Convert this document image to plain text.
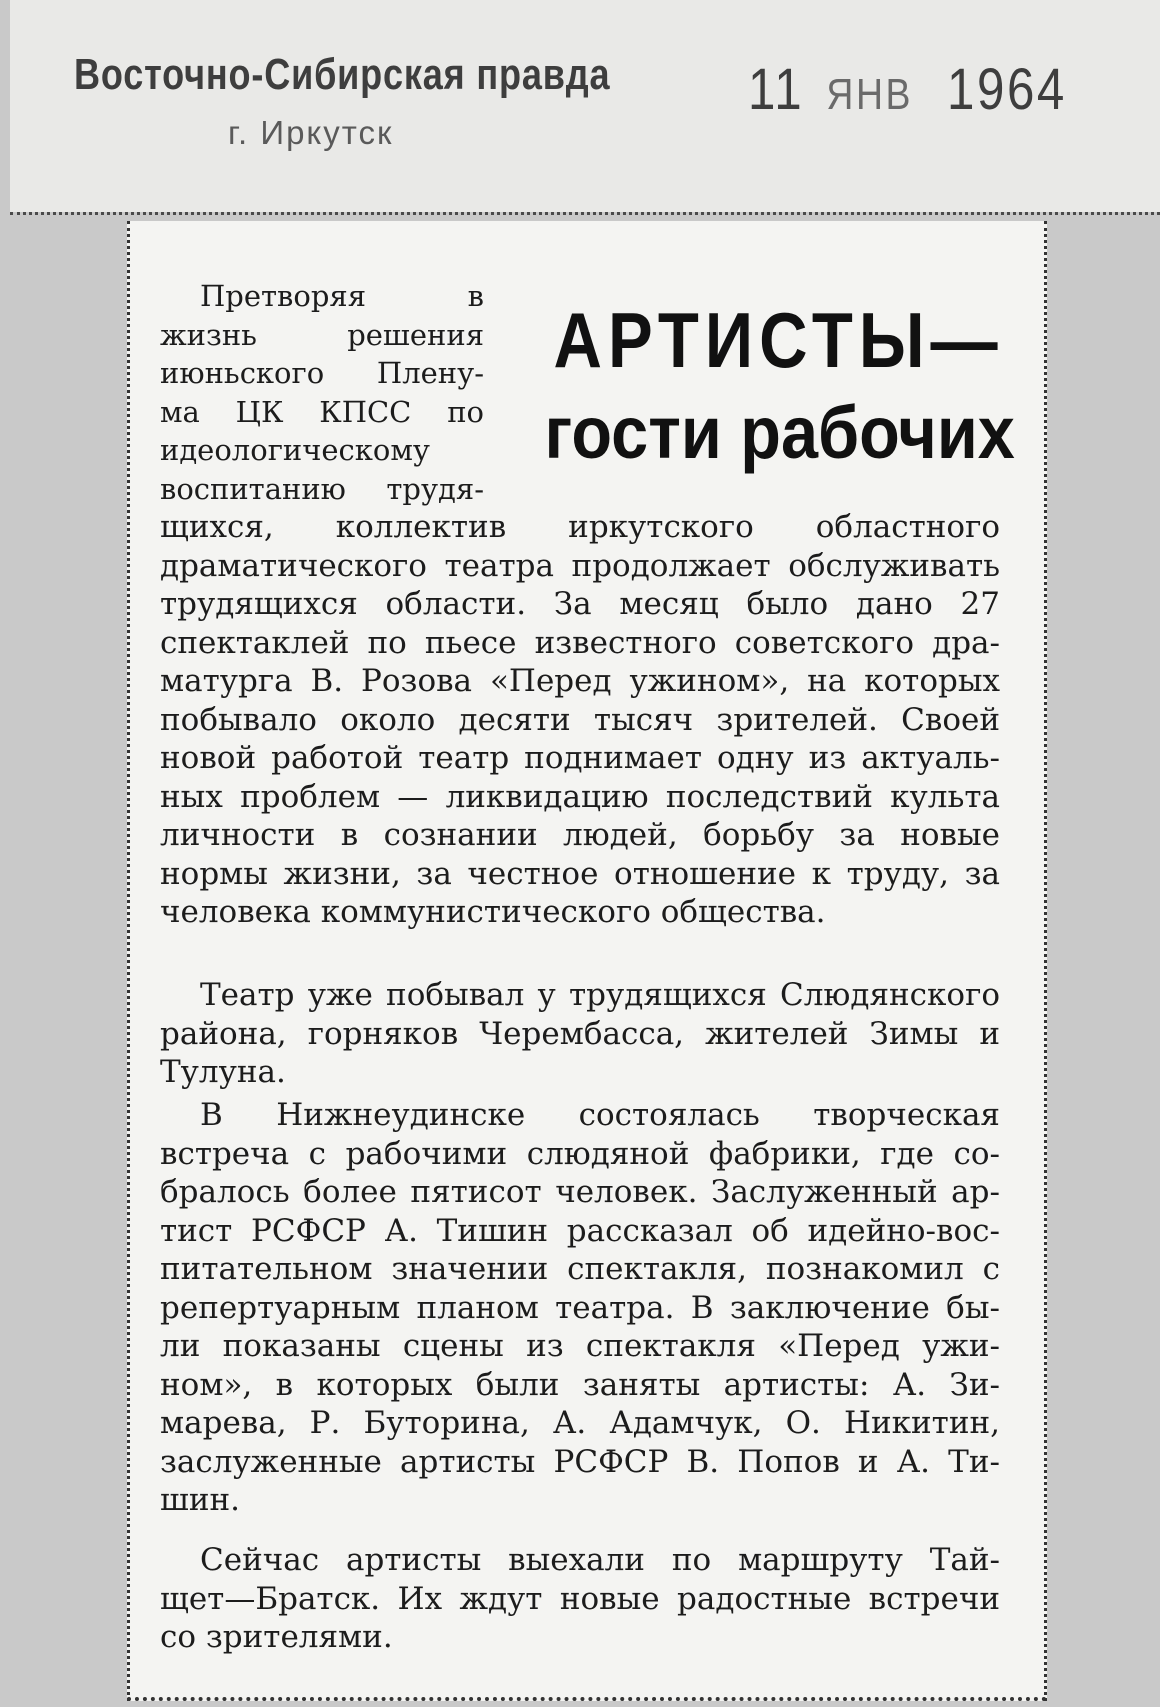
Восточно-Сибирская правда
г. Иркутск
11 ЯНВ 1964
АРТИСТЫ—
гости рабочих
Претворяя в
жизнь решения
июньского Плену-
ма ЦК КПСС по
идеологическому
воспитанию трудя-
щихся, коллектив иркутского областного
драматического театра продолжает обслуживать
трудящихся области. За месяц было дано 27
спектаклей по пьесе известного советского дра-
матурга В. Розова «Перед ужином», на которых
побывало около десяти тысяч зрителей. Своей
новой работой театр поднимает одну из актуаль-
ных проблем — ликвидацию последствий культа
личности в сознании людей, борьбу за новые
нормы жизни, за честное отношение к труду, за
человека коммунистического общества.
Театр уже побывал у трудящихся Слюдянского
района, горняков Черембасса, жителей Зимы и
Тулуна.
В Нижнеудинске состоялась творческая
встреча с рабочими слюдяной фабрики, где со-
бралось более пятисот человек. Заслуженный ар-
тист РСФСР А. Тишин рассказал об идейно-вос-
питательном значении спектакля, познакомил с
репертуарным планом театра. В заключение бы-
ли показаны сцены из спектакля «Перед ужи-
ном», в которых были заняты артисты: А. Зи-
марева, Р. Буторина, А. Адамчук, О. Никитин,
заслуженные артисты РСФСР В. Попов и А. Ти-
шин.
Сейчас артисты выехали по маршруту Тай-
щет—Братск. Их ждут новые радостные встречи
со зрителями.
